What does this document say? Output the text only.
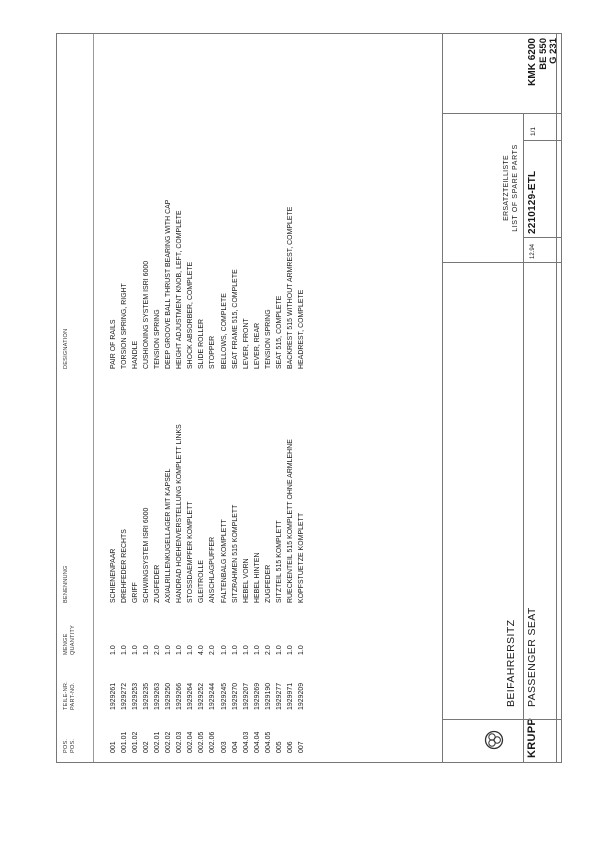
POS. POS.
TEILE-NR. PART-NO.
MENGE QUANTITY
BENENNUNG
DESIGNATION
001
1929261
1.0
SCHIENENPAAR
PAIR OF RAILS
001.01
1929272
1.0
DREHFEDER RECHTS
TORSION SPRING, RIGHT
001.02
1929253
1.0
GRIFF
HANDLE
002
1929235
1.0
SCHWINGSYSTEM ISRI 6000
CUSHIONING SYSTEM ISRI 6000
002.01
1929263
2.0
ZUGFEDER
TENSION SPRING
002.02
1929250
1.0
AXIALRILLENKUGELLAGER MIT KAPSEL
DEEP GROOVE BALL THRUST BEARING WITH CAP
002.03
1929266
1.0
HANDRAD HOEHENVERSTELLUNG KOMPLETT LINKS
HEIGHT ADJUSTMENT KNOB, LEFT, COMPLETE
002.04
1929264
1.0
STOSSDAEMPFER KOMPLETT
SHOCK ABSORBER, COMPLETE
002.05
1929252
4.0
GLEITROLLE
SLIDE ROLLER
002.06
1929244
2.0
ANSCHLAGPUFFER
STOPPER
003
1929245
1.0
FALTENBALG KOMPLETT
BELLOWS, COMPLETE
004
1929270
1.0
SITZRAHMEN 515 KOMPLETT
SEAT FRAME 515, COMPLETE
004.03
1929207
1.0
HEBEL VORN
LEVER, FRONT
004.04
1929269
1.0
HEBEL HINTEN
LEVER, REAR
004.05
1929190
2.0
ZUGFEDER
TENSION SPRING
005
1929277
1.0
SITZTEIL 515 KOMPLETT
SEAT 515, COMPLETE
006
1929971
1.0
RUECKENTEIL 515 KOMPLETT OHNE ARMLEHNE
BACKREST 515 WITHOUT ARMREST, COMPLETE
007
1929209
1.0
KOPFSTUETZE KOMPLETT
HEADREST, COMPLETE
KRUPP
BEIFAHRERSITZ PASSENGER SEAT
ERSATZTEILLISTE LIST OF SPARE PARTS
12.94
2210129-ETL
1/1
KMK 6200 BE 550 G 231
